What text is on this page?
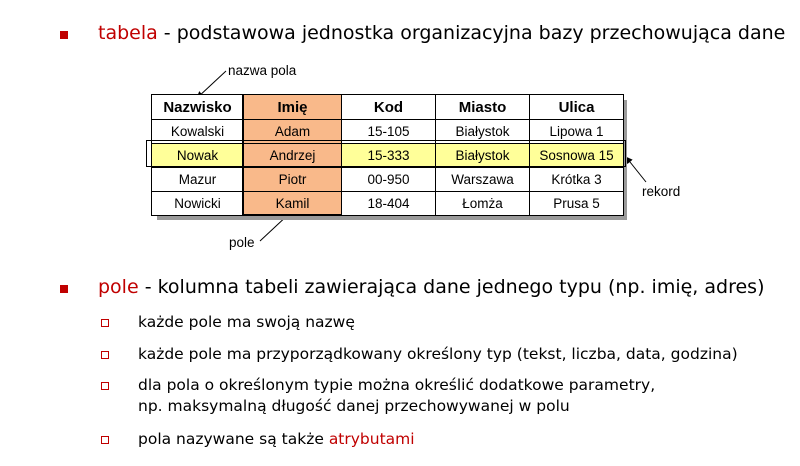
tabela - podstawowa jednostka organizacyjna bazy przechowująca dane
nazwa pola
rekord
pole
Nazwisko	Imię	Kod	Miasto	Ulica
Kowalski	Adam	15-105	Białystok	Lipowa 1
Nowak	Andrzej	15-333	Białystok	Sosnowa 15
Mazur	Piotr	00-950	Warszawa	Krótka 3
Nowicki	Kamil	18-404	Łomża	Prusa 5
pole - kolumna tabeli zawierająca dane jednego typu (np. imię, adres)
każde pole ma swoją nazwę
każde pole ma przyporządkowany określony typ (tekst, liczba, data, godzina)
dla pola o określonym typie można określić dodatkowe parametry,
np. maksymalną długość danej przechowywanej w polu
pola nazywane są także atrybutami
